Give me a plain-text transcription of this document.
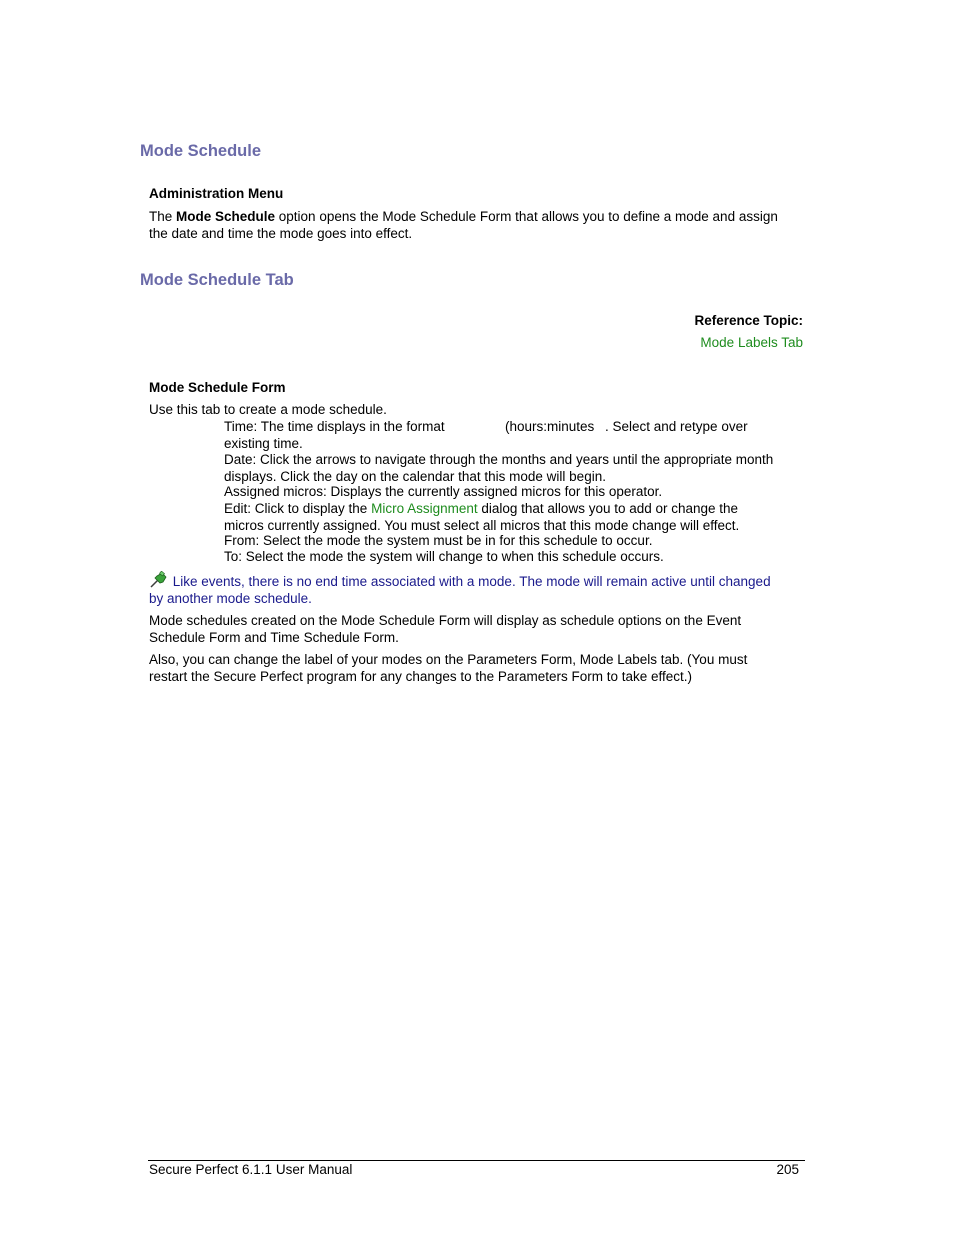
Mode Schedule
Administration Menu
The Mode Schedule option opens the Mode Schedule Form that allows you to define a mode and assign
the date and time the mode goes into effect.
Mode Schedule Tab
Reference Topic:
Mode Labels Tab
Mode Schedule Form
Use this tab to create a mode schedule.
Time: The time displays in the format	(hours:minutes . Select and retype over
existing time.
Date: Click the arrows to navigate through the months and years until the appropriate month
displays. Click the day on the calendar that this mode will begin.
Assigned micros: Displays the currently assigned micros for this operator.
Edit: Click to display the Micro Assignment dialog that allows you to add or change the
micros currently assigned. You must select all micros that this mode change will effect.
From: Select the mode the system must be in for this schedule to occur.
To: Select the mode the system will change to when this schedule occurs.
Like events, there is no end time associated with a mode. The mode will remain active until changed
by another mode schedule.
Mode schedules created on the Mode Schedule Form will display as schedule options on the Event
Schedule Form and Time Schedule Form.
Also, you can change the label of your modes on the Parameters Form, Mode Labels tab. (You must
restart the Secure Perfect program for any changes to the Parameters Form to take effect.)
Secure Perfect 6.1.1 User Manual	205
